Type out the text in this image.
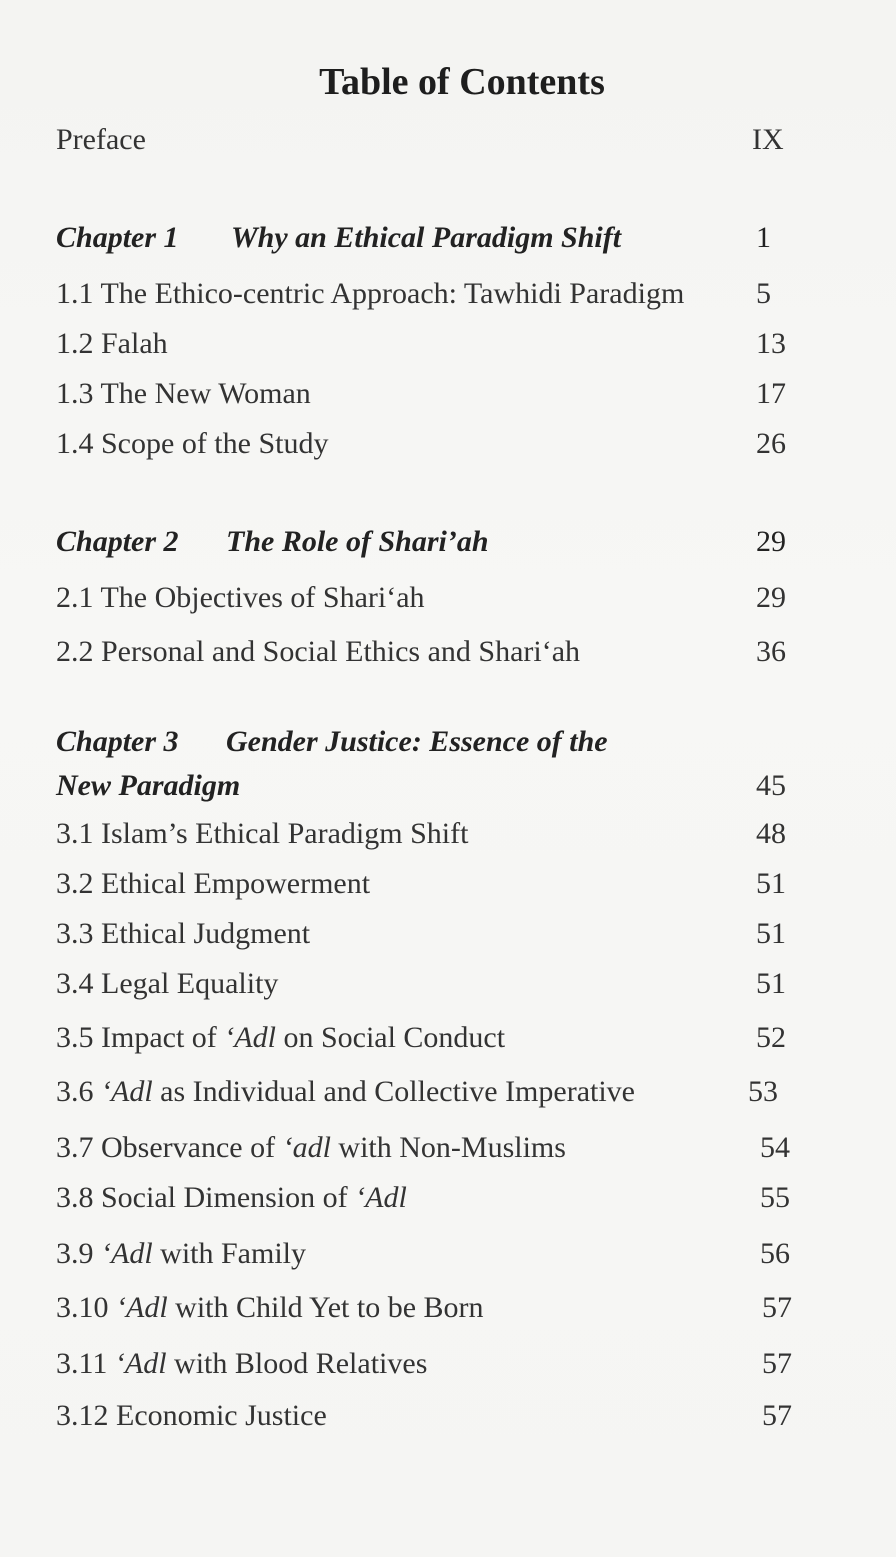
Table of Contents
Preface	IX
Chapter 1 Why an Ethical Paradigm Shift	1
1.1 The Ethico-centric Approach: Tawhidi Paradigm 5
1.2 Falah	13
1.3 The New Woman	17
1.4 Scope of the Study	26
Chapter 2 The Role of Shari’ah	29
2.1 The Objectives of Shari‘ah	29
2.2 Personal and Social Ethics and Shari‘ah	36
Chapter 3 Gender Justice: Essence of the
New Paradigm	45
3.1 Islam’s Ethical Paradigm Shift	48
3.2 Ethical Empowerment	51
3.3 Ethical Judgment	51
3.4 Legal Equality	51
3.5 Impact of ‘Adl on Social Conduct	52
3.6 ‘Adl as Individual and Collective Imperative	53
3.7 Observance of ‘adl with Non-Muslims	54
3.8 Social Dimension of ‘Adl	55
3.9 ‘Adl with Family	56
3.10 ‘Adl with Child Yet to be Born	57
3.11 ‘Adl with Blood Relatives	57
3.12 Economic Justice	57
